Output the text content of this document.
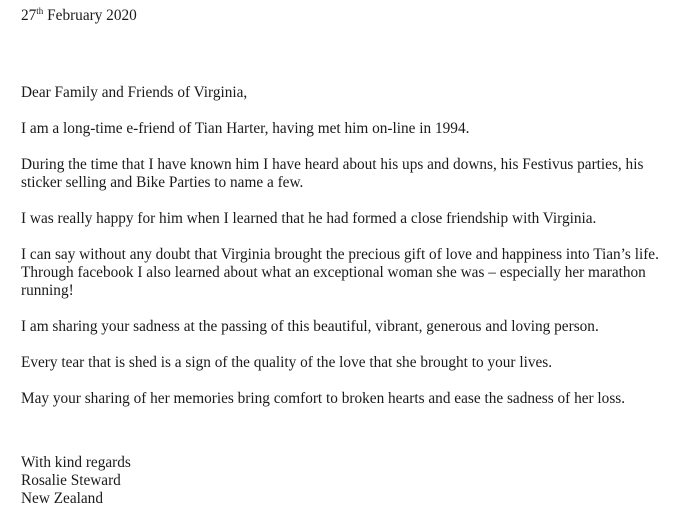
27th February 2020

Dear Family and Friends of Virginia,

I am a long-time e-friend of Tian Harter, having met him on-line in 1994.

During the time that I have known him I have heard about his ups and downs, his Festivus parties, his sticker selling and Bike Parties to name a few.

I was really happy for him when I learned that he had formed a close friendship with Virginia.

I can say without any doubt that Virginia brought the precious gift of love and happiness into Tian’s life. Through facebook I also learned about what an exceptional woman she was – especially her marathon running!

I am sharing your sadness at the passing of this beautiful, vibrant, generous and loving person.

Every tear that is shed is a sign of the quality of the love that she brought to your lives.

May your sharing of her memories bring comfort to broken hearts and ease the sadness of her loss.

With kind regards
Rosalie Steward
New Zealand
